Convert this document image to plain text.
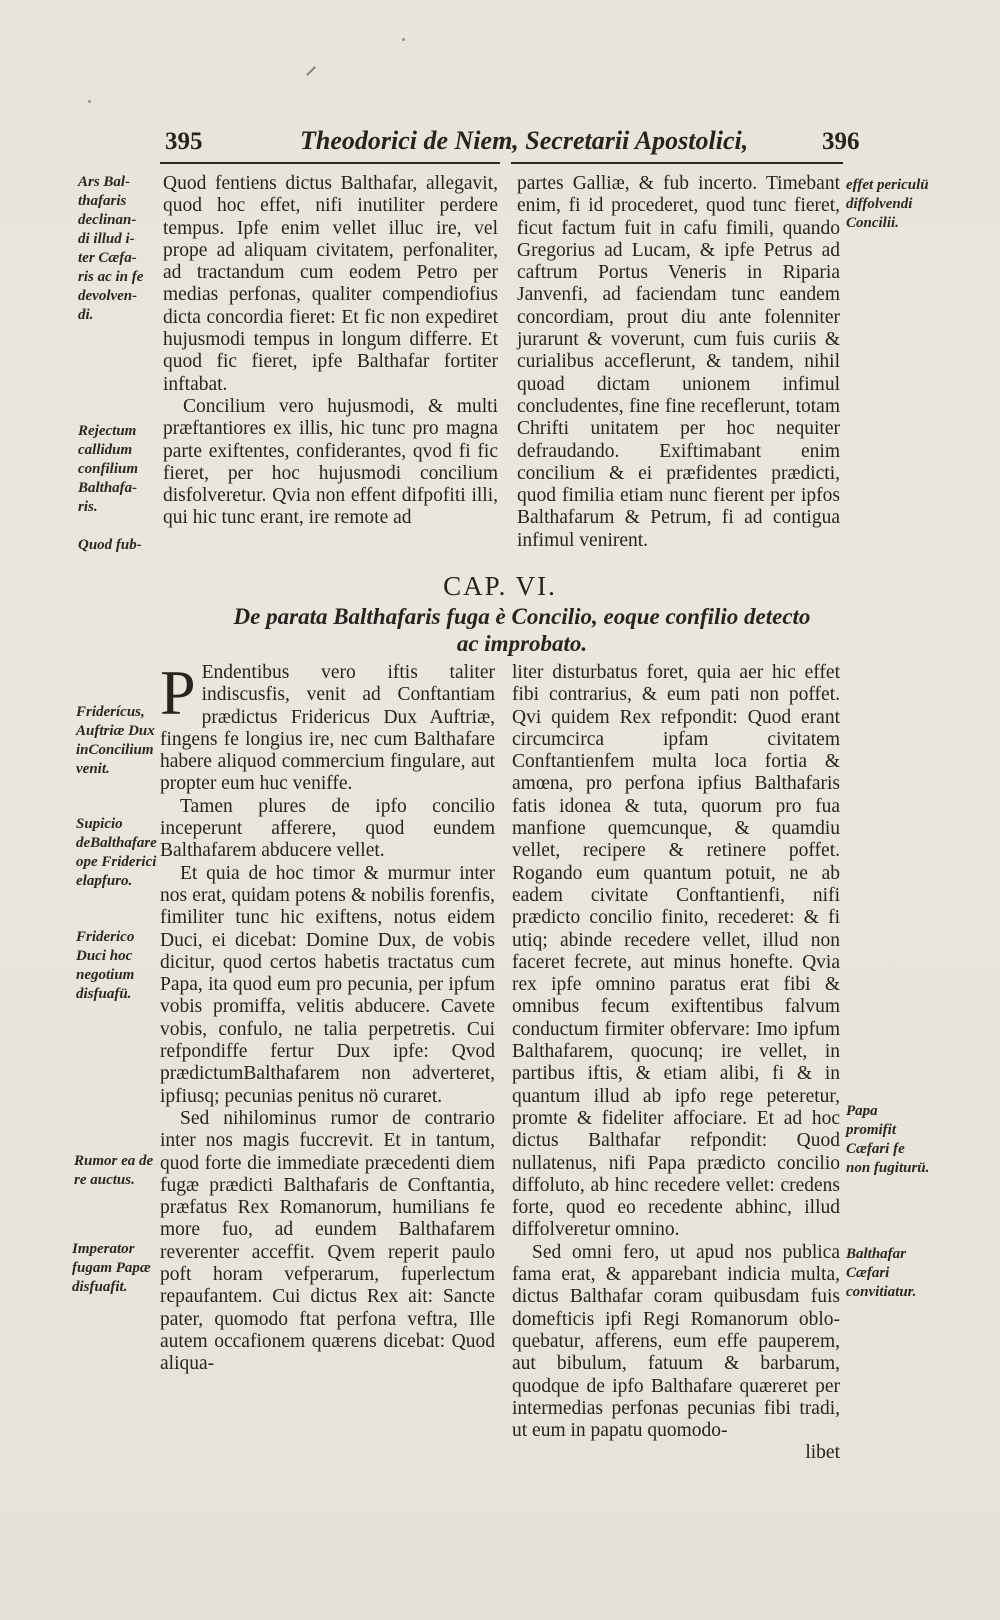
395	Theodorici de Niem, Secretarii Apostolici,	396
Ars Bal-
thafaris
declinan-
di illud i-
ter Cæfa-
ris ac in fe
devolven-
di.
Rejectum
callidum
confilium
Balthafa-
ris.
Quod fub-

Quod fentiens dictus Balthafar, allegavit, quod hoc effet, nifi inutiliter perdere tempus. Ipfe enim vellet illuc ire, vel prope ad aliquam civitatem, perfonaliter, ad tractandum cum eodem Petro per medias perfonas, qualiter compendiofius dicta concordia fieret: Et fic non expediret hujusmodi tempus in longum differre. Et quod fic fieret, ipfe Balthafar fortiter inftabat.

Concilium vero hujusmodi, & multi præftantiores ex illis, hic tunc pro magna parte exiftentes, confiderantes, qvod fi fic fieret, per hoc hujusmodi concilium disfolveretur. Qvia non effent difpofiti illi, qui hic tunc erant, ire remote ad

partes Galliæ, & fub incerto. Timebant enim, fi id procederet, quod tunc fieret, ficut factum fuit in cafu fimili, quando Gregorius ad Lucam, & ipfe Petrus ad caftrum Portus Veneris in Riparia Janvenfi, ad faciendam tunc eandem concordiam, prout diu ante folenniter jurarunt & voverunt, cum fuis curiis & curialibus acceflerunt, & tandem, nihil quoad dictam unionem infimul concludentes, fine fine receflerunt, totam Chrifti unitatem per hoc nequiter defraudando. Exiftimabant enim concilium & ei præfidentes prædicti, quod fimilia etiam nunc fierent per ipfos Balthafarum & Petrum, fi ad contigua infimul venirent.

effet periculü diffolvendi
Concilii.
CAP. VI.
De parata Balthafaris fuga è Concilio, eoque confilio detecto ac improbato.
Friderícus, Auftriæ Dux inConcilium venit.
Supicio deBalthafare ope Friderici elapfuro.
Friderico Duci hoc negotium disfuafü.
Rumor ea de re auctus.
Imperator fugam Papæ disfuafit.

P Endentibus vero iftis taliter indiscusfis, venit ad Conftantiam prædictus Fridericus Dux Auftriæ, fingens fe longius ire, nec cum Balthafare habere aliquod commercium fingulare, aut propter eum huc veniffe.

Tamen plures de ipfo concilio inceperunt afferere, quod eundem Balthafarem abducere vellet.

Et quia de hoc timor & murmur inter nos erat, quidam potens & nobilis forenfis, fimiliter tunc hic exiftens, notus eidem Duci, ei dicebat: Domine Dux, de vobis dicitur, quod certos habetis tractatus cum Papa, ita quod eum pro pecunia, per ipfum vobis promiffa, velitis abducere. Cavete vobis, confulo, ne talia perpetretis. Cui refpondiffe fertur Dux ipfe: Qvod prædictumBalthafarem non adverteret, ipfiusq; pecunias penitus nö curaret.

Sed nihilominus rumor de contrario inter nos magis fuccrevit. Et in tantum, quod forte die immediate præcedenti diem fugæ prædicti Balthafaris de Conftantia, præfatus Rex Romanorum, humilians fe more fuo, ad eundem Balthafarem reverenter acceffit. Qvem reperit paulo poft horam vefperarum, fuperlectum repaufantem. Cui dictus Rex ait: Sancte pater, quomodo ftat perfona veftra, Ille autem occafionem quærens dicebat: Quod aliqua-

liter disturbatus foret, quia aer hic effet fibi contrarius, & eum pati non poffet. Qvi quidem Rex refpondit: Quod erant circumcirca ipfam civitatem Conftantienfem multa loca fortia & amœna, pro perfona ipfius Balthafaris fatis idonea & tuta, quorum pro fua manfione quemcunque, & quamdiu vellet, recipere & retinere poffet. Rogando eum quantum potuit, ne ab eadem civitate Conftantienfi, nifi prædicto concilio finito, recederet: & fi utiq; abinde recedere vellet, illud non faceret fecrete, aut minus honefte. Qvia rex ipfe omnino paratus erat fibi & omnibus fecum exiftentibus falvum conductum firmiter obfervare: Imo ipfum Balthafarem, quocunq; ire vellet, in partibus iftis, & etiam alibi, fi & in quantum illud ab ipfo rege peteretur, promte & fideliter affociare. Et ad hoc dictus Balthafar refpondit: Quod nullatenus, nifi Papa prædicto concilio diffoluto, ab hinc recedere vellet: credens forte, quod eo recedente abhinc, illud diffolveretur omnino.

Sed omni fero, ut apud nos publica fama erat, & apparebant indicia multa, dictus Balthafar coram quibusdam fuis domefticis ipfi Regi Romanorum oblo-quebatur, afferens, eum effe pauperem, aut bibulum, fatuum & barbarum, quodque de ipfo Balthafare quæreret per intermedias perfonas pecunias fibi tradi, ut eum in papatu quomodo-

libet

Papa promifit Cæfari fe non fugiturü.
Balthafar Cæfari convitiatur.
